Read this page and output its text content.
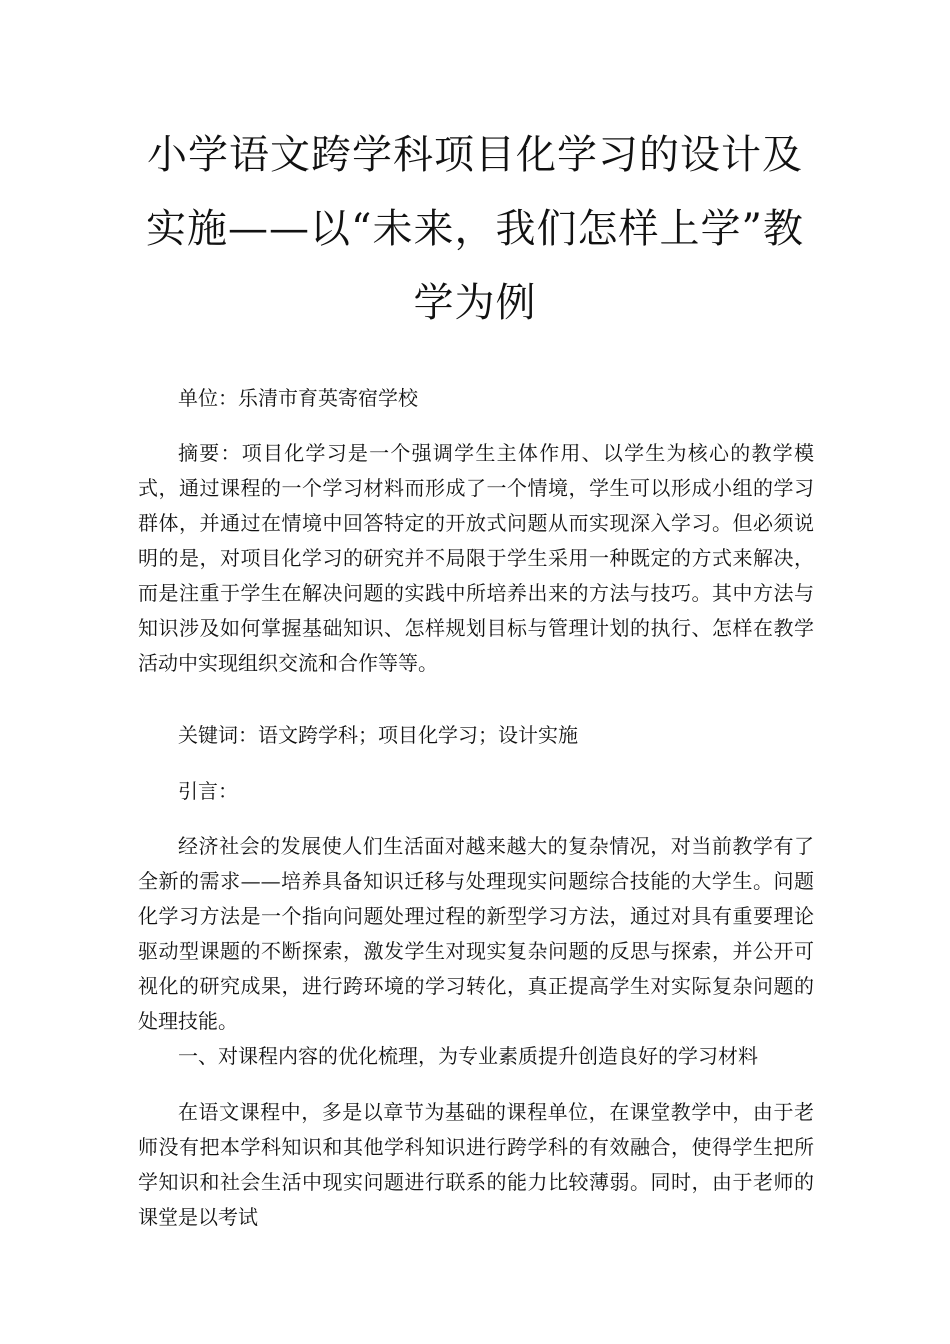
小学语文跨学科项目化学习的设计及实施——以“未来，我们怎样上学”教学为例

单位：乐清市育英寄宿学校

摘要：项目化学习是一个强调学生主体作用、以学生为核心的教学模式，通过课程的一个学习材料而形成了一个情境，学生可以形成小组的学习群体，并通过在情境中回答特定的开放式问题从而实现深入学习。但必须说明的是，对项目化学习的研究并不局限于学生采用一种既定的方式来解决，而是注重于学生在解决问题的实践中所培养出来的方法与技巧。其中方法与知识涉及如何掌握基础知识、怎样规划目标与管理计划的执行、怎样在教学活动中实现组织交流和合作等等。

关键词：语文跨学科；项目化学习；设计实施

引言：

经济社会的发展使人们生活面对越来越大的复杂情况，对当前教学有了全新的需求——培养具备知识迁移与处理现实问题综合技能的大学生。问题化学习方法是一个指向问题处理过程的新型学习方法，通过对具有重要理论驱动型课题的不断探索，激发学生对现实复杂问题的反思与探索，并公开可视化的研究成果，进行跨环境的学习转化，真正提高学生对实际复杂问题的处理技能。

一、对课程内容的优化梳理，为专业素质提升创造良好的学习材料

在语文课程中，多是以章节为基础的课程单位，在课堂教学中，由于老师没有把本学科知识和其他学科知识进行跨学科的有效融合，使得学生把所学知识和社会生活中现实问题进行联系的能力比较薄弱。同时，由于老师的课堂是以考试
